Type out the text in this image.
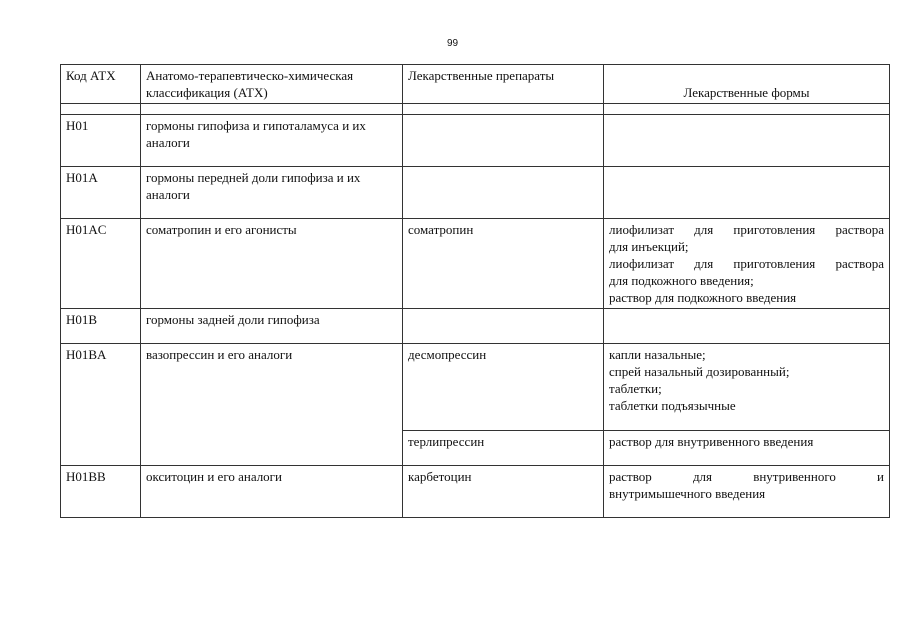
99
Код АТХ	Анатомо-терапевтическо-химическая классификация (АТХ)	Лекарственные препараты	Лекарственные формы

H01	гормоны гипофиза и гипоталамуса и их аналоги		
H01A	гормоны передней доли гипофиза и их аналоги		
H01AC	соматропин и его агонисты	соматропин	лиофилизат для приготовления раствора
для инъекций;
лиофилизат для приготовления раствора
для подкожного введения;
раствор для подкожного введения

H01B	гормоны задней доли гипофиза		
H01BA	вазопрессин и его аналоги	десмопрессин	капли назальные;
спрей назальный дозированный;
таблетки;
таблетки подъязычные

		терлипрессин	раствор для внутривенного введения
H01BB	окситоцин и его аналоги	карбетоцин	раствор для внутривенного и
внутримышечного введения
